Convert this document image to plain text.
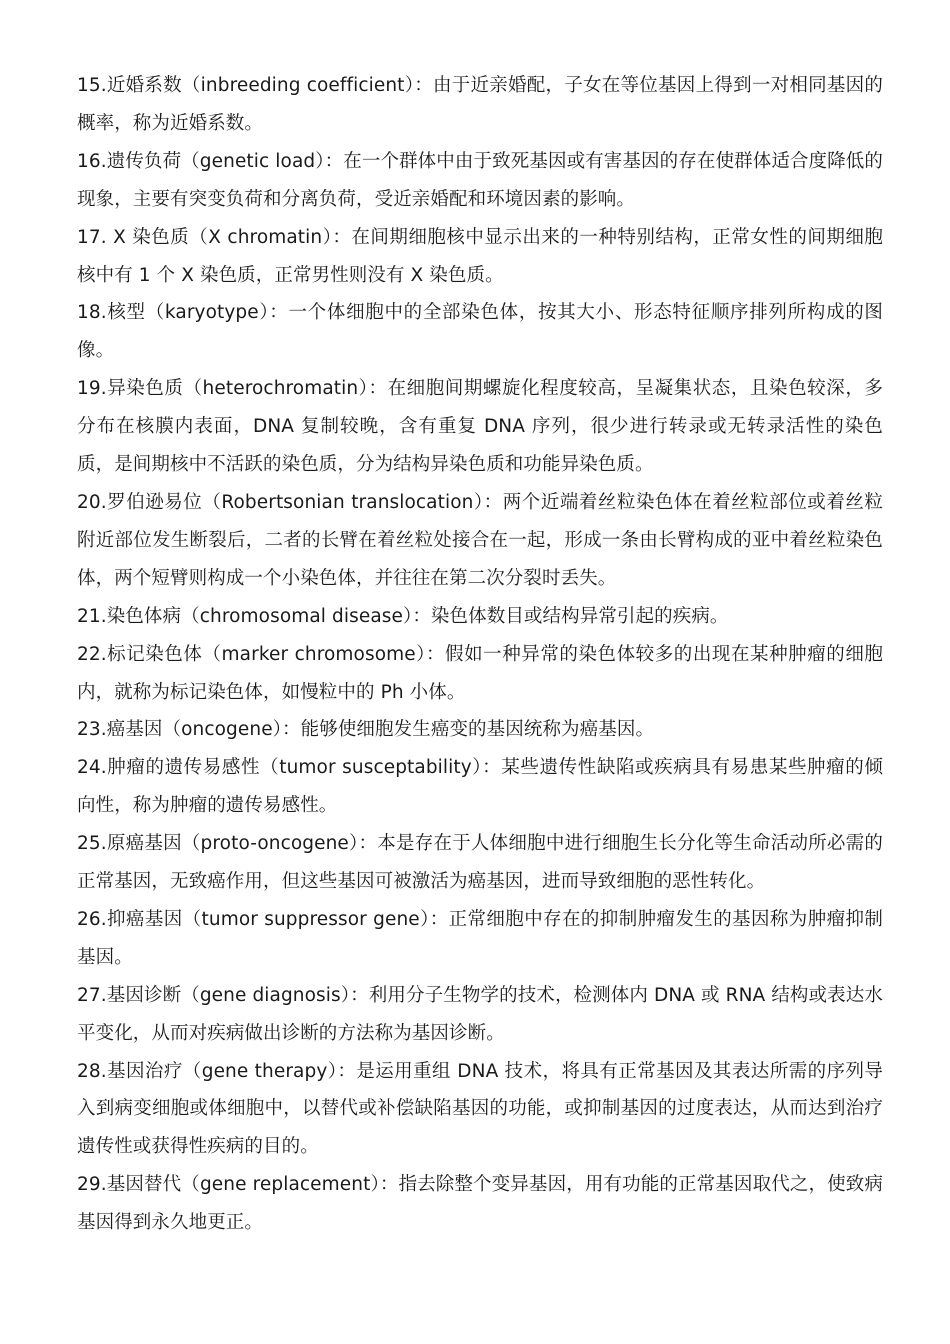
15.近婚系数（inbreeding coefficient）：由于近亲婚配，子女在等位基因上得到一对相同基因的概率，称为近婚系数。

16.遗传负荷（genetic load）：在一个群体中由于致死基因或有害基因的存在使群体适合度降低的现象，主要有突变负荷和分离负荷，受近亲婚配和环境因素的影响。

17. X 染色质（X chromatin）：在间期细胞核中显示出来的一种特别结构，正常女性的间期细胞核中有 1 个 X 染色质，正常男性则没有 X 染色质。

18.核型（karyotype）：一个体细胞中的全部染色体，按其大小、形态特征顺序排列所构成的图像。

19.异染色质（heterochromatin）：在细胞间期螺旋化程度较高，呈凝集状态，且染色较深，多分布在核膜内表面，DNA 复制较晚，含有重复 DNA 序列，很少进行转录或无转录活性的染色质，是间期核中不活跃的染色质，分为结构异染色质和功能异染色质。

20.罗伯逊易位（Robertsonian translocation）：两个近端着丝粒染色体在着丝粒部位或着丝粒附近部位发生断裂后，二者的长臂在着丝粒处接合在一起，形成一条由长臂构成的亚中着丝粒染色体，两个短臂则构成一个小染色体，并往往在第二次分裂时丢失。

21.染色体病（chromosomal disease）：染色体数目或结构异常引起的疾病。

22.标记染色体（marker chromosome）：假如一种异常的染色体较多的出现在某种肿瘤的细胞内，就称为标记染色体，如慢粒中的 Ph 小体。

23.癌基因（oncogene）：能够使细胞发生癌变的基因统称为癌基因。

24.肿瘤的遗传易感性（tumor susceptability）：某些遗传性缺陷或疾病具有易患某些肿瘤的倾向性，称为肿瘤的遗传易感性。

25.原癌基因（proto-oncogene）：本是存在于人体细胞中进行细胞生长分化等生命活动所必需的正常基因，无致癌作用，但这些基因可被激活为癌基因，进而导致细胞的恶性转化。

26.抑癌基因（tumor suppressor gene）：正常细胞中存在的抑制肿瘤发生的基因称为肿瘤抑制基因。

27.基因诊断（gene diagnosis）：利用分子生物学的技术，检测体内 DNA 或 RNA 结构或表达水平变化，从而对疾病做出诊断的方法称为基因诊断。

28.基因治疗（gene therapy）：是运用重组 DNA 技术，将具有正常基因及其表达所需的序列导入到病变细胞或体细胞中，以替代或补偿缺陷基因的功能，或抑制基因的过度表达，从而达到治疗遗传性或获得性疾病的目的。

29.基因替代（gene replacement）：指去除整个变异基因，用有功能的正常基因取代之，使致病基因得到永久地更正。
